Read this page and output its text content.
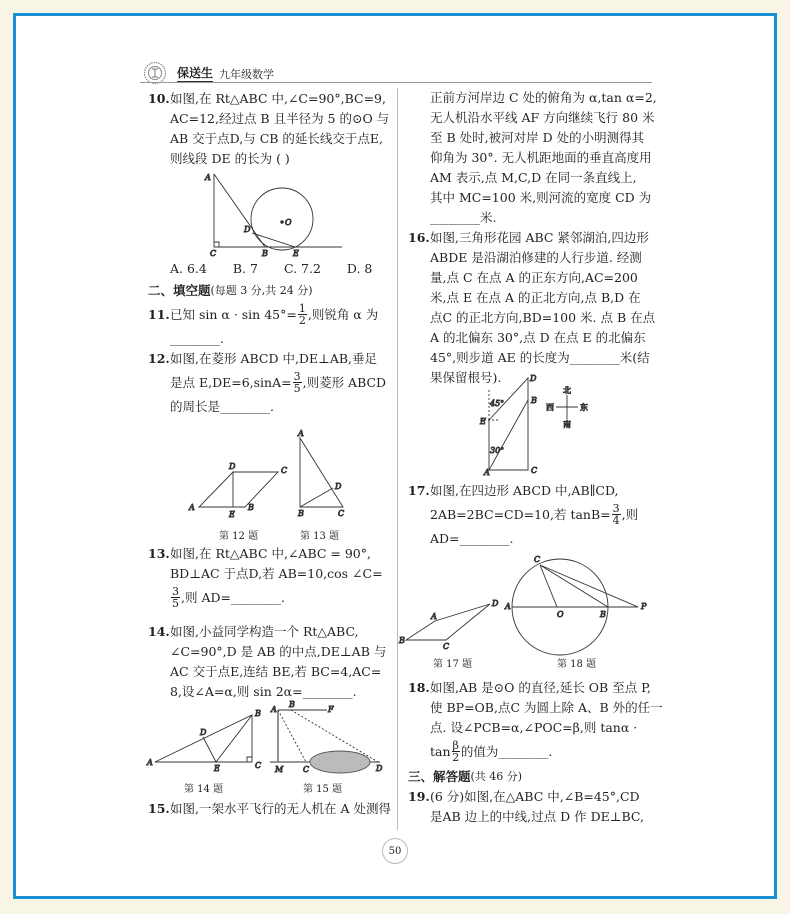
保送生 九年级数学
10. 如图,在 Rt△ABC 中,∠C=90°,BC=9,
AC=12,经过点 B 且半径为 5 的⊙O 与
AB 交于点D,与 CB 的延长线交于点E,
则线段 DE 的长为 ( )
A. 6.4 B. 7 C. 7.2 D. 8
二、填空题 (每题 3 分,共 24 分)
11. 已知 $\sin \alpha \cdot \sin 45^\circ= \frac{1}{2}$ ,则锐角 α 为
________.
12. 如图,在菱形 ABCD 中,DE⊥AB,垂足
是点 $E,DE=6,\sin A= \frac{3}{5}$ ,则菱形 ABCD
的周长是________.
13. 如图,在 Rt△ABC 中,∠ABC = 90°,
BD⊥AC 于点D,若 AB=10,cos ∠C=
$\frac{3}{5}$ ,则 AD=________.
14. 如图,小益同学构造一个 Rt△ABC,
∠C=90°,D 是 AB 的中点,DE⊥AB 与
AC 交于点E,连结 BE,若 BC=4,AC=
8,设∠A=α,则 sin 2α=________.
15. 如图,一架水平飞行的无人机在 A 处测得
正前方河岸边 C 处的俯角为 α,tan α=2,
无人机沿水平线 AF 方向继续飞行 80 米
至 B 处时,被河对岸 D 处的小明测得其
仰角为 30°. 无人机距地面的垂直高度用
AM 表示,点 M,C,D 在同一条直线上,
其中 MC=100 米,则河流的宽度 CD 为
________米.
16. 如图,三角形花园 ABC 紧邻湖泊,四边形
ABDE 是沿湖泊修建的人行步道. 经测
量,点 C 在点 A 的正东方向,AC=200
米,点 E 在点 A 的正北方向,点 B,D 在
点C 的正北方向,BD=100 米. 点 B 在点
A 的北偏东 30°,点 D 在点 E 的北偏东
45°,则步道 AE 的长度为________米(结
果保留根号).
17. 如图,在四边形 ABCD 中,AB∥CD,
2AB=2BC=CD=10,若 $\tan B= \frac{3}{4}$ ,则
AD=________.
18. 如图,AB 是⊙O 的直径,延长 OB 至点 P,
使 BP=OB,点C 为圆上除 A、B 外的任一
点. 设∠PCB=α,∠POC=β,则 tanα ·
$\tan \frac{\beta}{2}$ 的值为________.
三、解答题 (共 46 分)
19. (6 分)如图,在△ABC 中,∠B=45°,CD
是AB 边上的中线,过点 D 作 DE⊥BC,
第 12 题	第 13 题
第 14 题	第 15 题
第 17 题	第 18 题
A
C	B	E
D
O
A	B
C
D
E
A
B	C
D
A
B
C
D
E
A
B
F
M C	D
A
B
C
D
E
45°
30°
北
南
西	东
B
C
A
D A
B
C
O
P
50
